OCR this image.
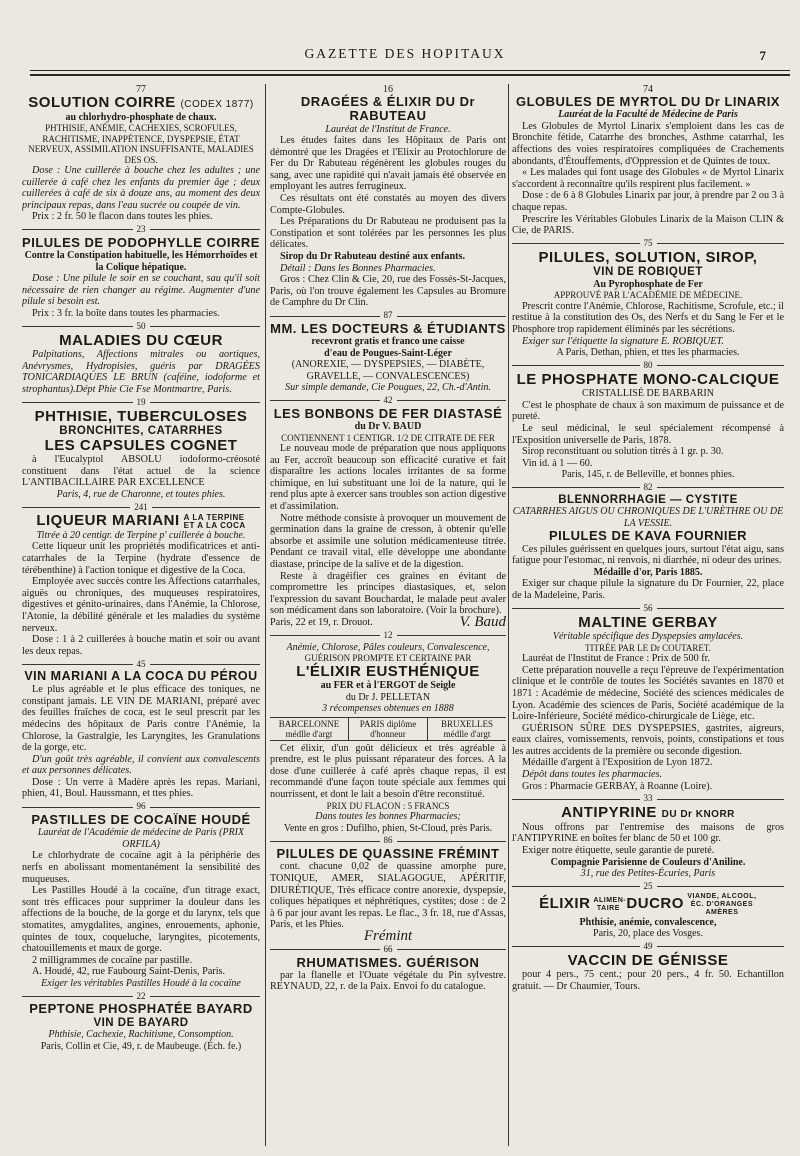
GAZETTE DES HOPITAUX	7
77
SOLUTION COIRRE (CODEX 1877)
au chlorhydro-phosphate de chaux.
PHTHISIE, ANÉMIE, CACHEXIES, SCROFULES, RACHITISME, INAPPÉTENCE, DYSPEPSIE, ÉTAT NERVEUX, ASSIMILATION INSUFFISANTE, MALADIES DES OS.

Dose : Une cuillerée à bouche chez les adultes ; une cuillerée à café chez les enfants du premier âge ; deux cuillerées à café de six à douze ans, au moment des deux principaux repas, dans l'eau sucrée ou coupée de vin.

Prix : 2 fr. 50 le flacon dans toutes les phies.

23
PILULES DE PODOPHYLLE COIRRE
Contre la Constipation habituelle, les Hémorrhoïdes et la Colique hépatique.

Dose : Une pilule le soir en se couchant, sau qu'il soit nécessaire de rien changer au régime. Augmenter d'une pilule si besoin est.

Prix : 3 fr. la boîte dans toutes les pharmacies.

50
MALADIES DU CŒUR

Palpitations, Affections mitrales ou aortiques, Anévrysmes, Hydropisies, guéris par DRAGÉES TONICARDIAQUES LE BRUN (caféine, iodoforme et strophantus).Dépt Phie Cie Fse Montmartre, Paris.

19
PHTHISIE, TUBERCULOSES
BRONCHITES, CATARRHES
LES CAPSULES COGNET

à l'Eucalyptol ABSOLU iodoformo-créosoté constituent dans l'état actuel de la science L'ANTIBACILLAIRE PAR EXCELLENCE

Paris, 4, rue de Charonne, et toutes phies.
241
LIQUEUR MARIANI A LA TERPINE
ET A LA COCA
Titrée à 20 centigr. de Terpine p' cuillerée à bouche.

Cette liqueur unit les propriétés modificatrices et anti-catarrhales de la Terpine (hydrate d'essence de térébenthine) à l'action tonique et digestive de la Coca.

Employée avec succès contre les Affections catarrhales, aiguës ou chroniques, des muqueuses respiratoires, digestives et génito-urinaires, dans l'Anémie, la Chlorose, l'Atonie, la débilité générale et les maladies du système nerveux.

Dose : 1 à 2 cuillerées à bouche matin et soir ou avant les deux repas.

45
VIN MARIANI A LA COCA DU PÉROU

Le plus agréable et le plus efficace des toniques, ne constipant jamais. LE VIN DE MARIANI, préparé avec des feuilles fraîches de coca, est le seul prescrit par les médecins des hôpitaux de Paris contre l'Anémie, la Chlorose, la Gastralgie, les Laryngites, les Granulations de la gorge, etc.

D'un goût très agréable, il convient aux convalescents et aux personnes délicates.

Dose : Un verre à Madère après les repas. Mariani, phien, 41, Boul. Haussmann, et ttes phies.

96
PASTILLES DE COCAÏNE HOUDÉ
Lauréat de l'Académie de médecine de Paris (PRIX ORFILA)

Le chlorhydrate de cocaïne agit à la périphérie des nerfs en abolissant momentanément la sensibilité des muqueuses.

Les Pastilles Houdé à la cocaïne, d'un titrage exact, sont très efficaces pour supprimer la douleur dans les affections de la bouche, de la gorge et du larynx, tels que stomatites, amygdalites, angines, enrouements, aphonie, quintes de toux, coqueluche, laryngites, picotements, chatouillements et maux de gorge.

2 milligrammes de cocaïne par pastille.

A. Houdé, 42, rue Faubourg Saint-Denis, Paris.

Exiger les véritables Pastilles Houdé à la cocaïne
22
PEPTONE PHOSPHATÉE BAYARD
VIN DE BAYARD
Phthisie, Cachexie, Rachitisme, Consomption.
Paris, Collin et Cie, 49, r. de Maubeuge. (Éch. fe.)
16
DRAGÉES & ÉLIXIR DU Dr RABUTEAU
Lauréat de l'Institut de France.

Les études faites dans les Hôpitaux de Paris ont démontré que les Dragées et l'Elixir au Protochlorure de Fer du Dr Rabuteau régénèrent les globules rouges du sang, avec une rapidité qui n'avait jamais été observée en employant les autres ferrugineux.

Ces résultats ont été constatés au moyen des divers Compte-Globules.

Les Préparations du Dr Rabuteau ne produisent pas la Constipation et sont tolérées par les personnes les plus délicates.

Sirop du Dr Rabuteau destiné aux enfants.

Détail : Dans les Bonnes Pharmacies.

Gros : Chez Clin & Cie, 20, rue des Fossés-St-Jacques, Paris, où l'on trouve également les Capsules au Bromure de Camphre du Dr Clin.

87
MM. LES DOCTEURS & ÉTUDIANTS
recevront gratis et franco une caisse
d'eau de Pougues-Saint-Léger
(ANOREXIE, — DYSPEPSIES, — DIABÈTE, GRAVELLE, — CONVALESCENCES)
Sur simple demande, Cie Pougues, 22, Ch.-d'Antin.
42
LES BONBONS DE FER DIASTASÉ
du Dr V. BAUD
CONTIENNENT 1 CENTIGR. 1/2 DE CITRATE DE FER

Le nouveau mode de préparation que nous appliquons au Fer, accroît beaucoup son efficacité curative et fait disparaître les actions locales irritantes de sa forme chimique, en lui substituant une loi de la nature, qui le rend plus apte à exercer sans troubles son action digestive et d'assimilation.

Notre méthode consiste à provoquer un mouvement de germination dans la graine de cresson, à obtenir qu'elle absorbe et assimile une solution médicamenteuse titrée. Pendant ce travail vital, elle développe une abondante diastase, principe de la salive et de la digestion.

Reste à dragéifier ces graines en évitant de compromettre les principes diastasiques, et, selon l'expression du savant Bouchardat, le malade peut avaler son médicament dans son laboratoire. (Voir la brochure).

Paris, 22 et 19, r. Drouot.	V. Baud
12
Anémie, Chlorose, Pâles couleurs, Convalescence,
GUÉRISON PROMPTE ET CERTAINE PAR
L'ÉLIXIR EUSTHÉNIQUE
au FER et à l'ERGOT de Seigle
du Dr J. PELLETAN
3 récompenses obtenues en 1888
BARCELONNE médlle d'argt
PARIS diplôme d'honneur
BRUXELLES médlle d'argt

Cet élixir, d'un goût délicieux et très agréable à prendre, est le plus puissant réparateur des forces. A la dose d'une cuillerée à café après chaque repas, il est recommandé d'une façon toute spéciale aux femmes qui nourrissent, et dont le lait a besoin d'être reconstitué.

PRIX DU FLACON : 5 FRANCS
Dans toutes les bonnes Pharmacies;
Vente en gros : Dufilho, phien, St-Cloud, près Paris.
86
PILULES DE QUASSINE FRÉMINT

cont. chacune 0,02 de quassine amorphe pure, TONIQUE, AMER, SIALAGOGUE, APÉRITIF, DIURÉTIQUE, Très efficace contre anorexie, dyspepsie, coliques hépatiques et néphrétiques, cystites; dose : de 2 à 6 par jour avant les repas. Le flac., 3 fr. 18, rue d'Assas, Paris, et les Phies.

Frémint
66
RHUMATISMES. GUÉRISON

par la flanelle et l'Ouate végétale du Pin sylvestre. REYNAUD, 22, r. de la Paix. Envoi fo du catalogue.

74
GLOBULES DE MYRTOL DU Dr LINARIX
Lauréat de la Faculté de Médecine de Paris

Les Globules de Myrtol Linarix s'emploient dans les cas de Bronchite fétide, Catarrhe des bronches, Asthme catarrhal, les affections des voies respiratoires compliquées de Crachements abondants, d'Étouffements, d'Oppression et de Quintes de toux.

« Les malades qui font usage des Globules « de Myrtol Linarix s'accordent à reconnaître qu'ils respirent plus facilement. »

Dose : de 6 à 8 Globules Linarix par jour, à prendre par 2 ou 3 à chaque repas.

Prescrire les Véritables Globules Linarix de la Maison CLIN & Cie, de PARIS.

75
PILULES, SOLUTION, SIROP,
VIN DE ROBIQUET
Au Pyrophosphate de Fer
APPROUVÉ PAR L'ACADÉMIE DE MÉDECINE.

Prescrit contre l'Anémie, Chlorose, Rachitisme, Scrofule, etc.; il restitue à la constitution des Os, des Nerfs et du Sang le Fer et le Phosphore trop rapidement éliminés par les sécrétions.

Exiger sur l'étiquette la signature E. ROBIQUET.

A Paris, Dethan, phien, et ttes les pharmacies.
80
LE PHOSPHATE MONO-CALCIQUE
CRISTALLISÉ DE BARBARIN

C'est le phosphate de chaux à son maximum de puissance et de pureté.

Le seul médicinal, le seul spécialement récompensé à l'Exposition universelle de Paris, 1878.

Sirop reconstituant ou solution titrés à 1 gr. p. 30.

Vin id. à 1 — 60.

Paris, 145, r. de Belleville, et bonnes phies.
82
BLENNORRHAGIE — CYSTITE
CATARRHES AIGUS OU CHRONIQUES DE L'URÈTHRE OU DE LA VESSIE.
PILULES DE KAVA FOURNIER

Ces pilules guérissent en quelques jours, surtout l'état aigu, sans fatigue pour l'estomac, ni renvois, ni diarrhée, ni odeur des urines.

Médaille d'or, Paris 1885.

Exiger sur chaque pilule la signature du Dr Fournier, 22, place de la Madeleine, Paris.

56
MALTINE GERBAY
Véritable spécifique des Dyspepsies amylacées.
TITRÉE PAR LE Dr COUTARET.

Lauréat de l'Institut de France : Prix de 500 fr.

Cette préparation nouvelle a reçu l'épreuve de l'expérimentation clinique et le contrôle de toutes les Sociétés savantes en 1870 et 1871 : Académie de médecine, Société des sciences médicales de Lyon. Académie des sciences de Paris, Société académique de la Loire-Inférieure, Société médico-chirurgicale de Liège, etc.

GUÉRISON SÛRE DES DYSPEPSIES, gastrites, aigreurs, eaux claires, vomissements, renvois, points, constipations et tous les autres accidents de la première ou seconde digestion.

Médaille d'argent à l'Exposition de Lyon 1872.

Dépôt dans toutes les pharmacies.

Gros : Pharmacie GERBAY, à Roanne (Loire).

33
ANTIPYRINE DU Dr KNORR

Nous offrons par l'entremise des maisons de gros l'ANTIPYRINE en boîtes fer blanc de 50 et 100 gr.

Exiger notre étiquette, seule garantie de pureté.

Compagnie Parisienne de Couleurs d'Aniline.
31, rue des Petites-Écuries, Paris
25
ÉLIXIR ALIMEN- TAIRE DUCRO VIANDE, ALCOOL, ÉC. D'ORANGES AMÈRES
Phthisie, anémie, convalescence,
Paris, 20, place des Vosges.
49
VACCIN DE GÉNISSE

pour 4 pers., 75 cent.; pour 20 pers., 4 fr. 50. Echantillon gratuit. — Dr Chaumier, Tours.
